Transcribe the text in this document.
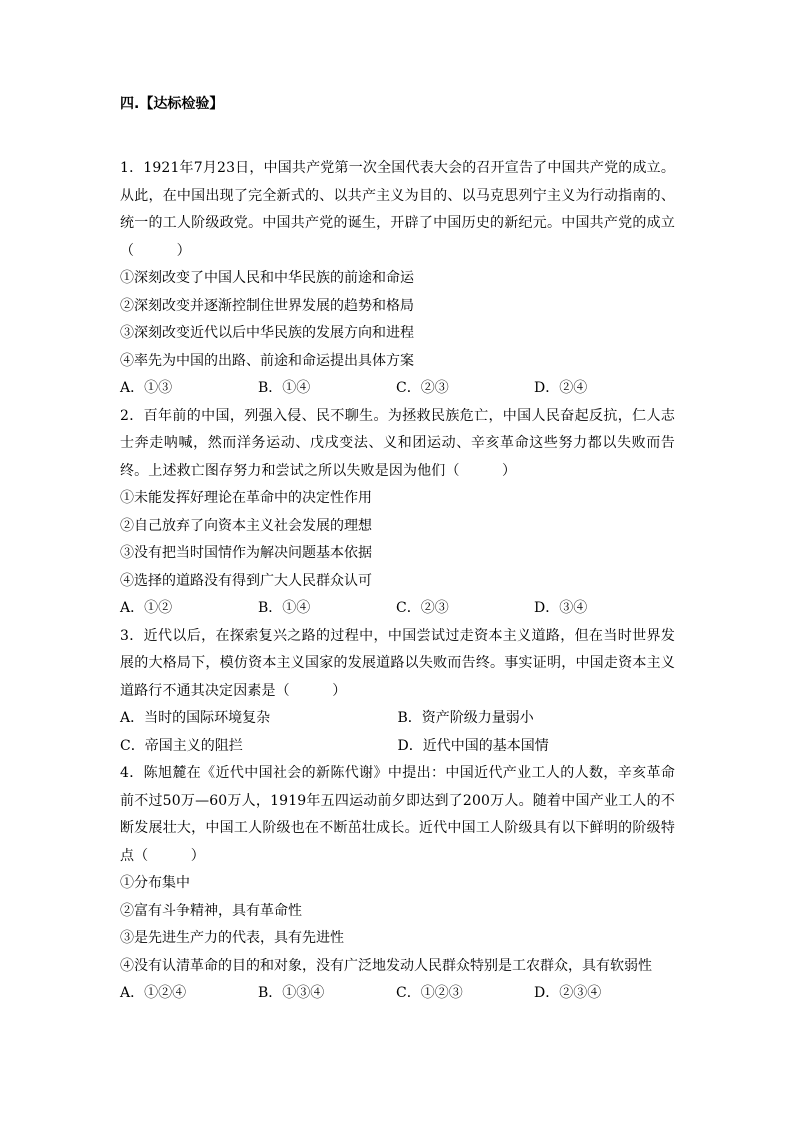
四.【达标检验】
1．1921年7月23日，中国共产党第一次全国代表大会的召开宣告了中国共产党的成立。从此，在中国出现了完全新式的、以共产主义为目的、以马克思列宁主义为行动指南的、统一的工人阶级政党。中国共产党的诞生，开辟了中国历史的新纪元。中国共产党的成立（　　　）
①深刻改变了中国人民和中华民族的前途和命运
②深刻改变并逐渐控制住世界发展的趋势和格局
③深刻改变近代以后中华民族的发展方向和进程
④率先为中国的出路、前途和命运提出具体方案
A．①③	B．①④	C．②③	D．②④
2．百年前的中国，列强入侵、民不聊生。为拯救民族危亡，中国人民奋起反抗，仁人志士奔走呐喊，然而洋务运动、戊戌变法、义和团运动、辛亥革命这些努力都以失败而告终。上述救亡图存努力和尝试之所以失败是因为他们（　　　）
①未能发挥好理论在革命中的决定性作用
②自己放弃了向资本主义社会发展的理想
③没有把当时国情作为解决问题基本依据
④选择的道路没有得到广大人民群众认可
A．①②	B．①④	C．②③	D．③④
3．近代以后，在探索复兴之路的过程中，中国尝试过走资本主义道路，但在当时世界发展的大格局下，模仿资本主义国家的发展道路以失败而告终。事实证明，中国走资本主义道路行不通其决定因素是（　　　）
A．当时的国际环境复杂	B．资产阶级力量弱小
C．帝国主义的阻拦	D．近代中国的基本国情
4．陈旭麓在《近代中国社会的新陈代谢》中提出：中国近代产业工人的人数，辛亥革命前不过50万—60万人，1919年五四运动前夕即达到了200万人。随着中国产业工人的不断发展壮大，中国工人阶级也在不断茁壮成长。近代中国工人阶级具有以下鲜明的阶级特点（　　　）
①分布集中
②富有斗争精神，具有革命性
③是先进生产力的代表，具有先进性
④没有认清革命的目的和对象，没有广泛地发动人民群众特别是工农群众，具有软弱性
A．①②④	B．①③④	C．①②③	D．②③④
